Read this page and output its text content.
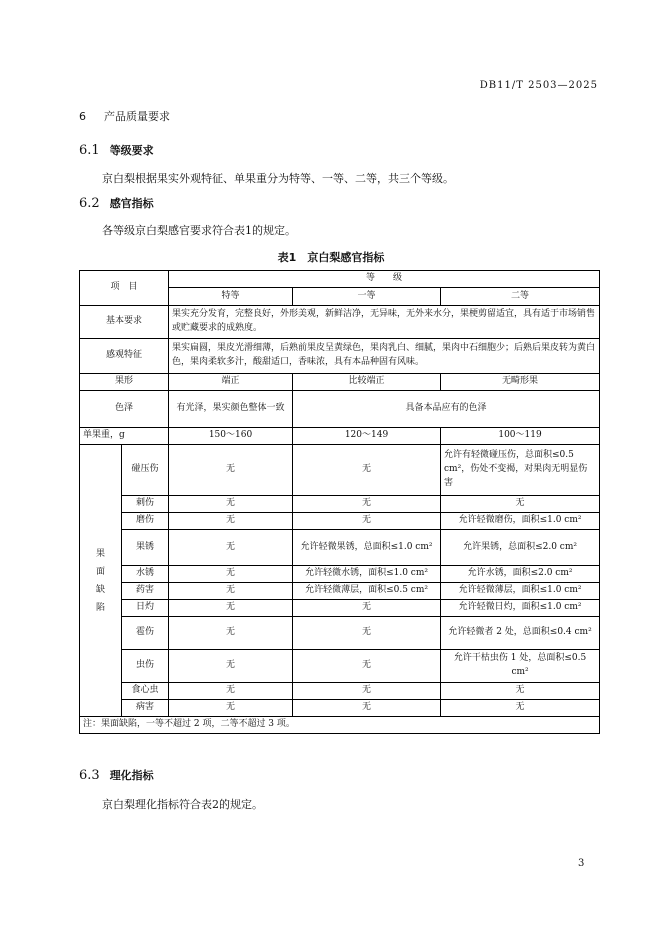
DB11/T 2503—2025
6 产品质量要求
6.1 等级要求
京白梨根据果实外观特征、单果重分为特等、一等、二等，共三个等级。
6.2 感官指标
各等级京白梨感官要求符合表1的规定。
表1　京白梨感官指标
项　目		等　　级		
		特等	一等	二等
基本要求		果实充分发育，完整良好，外形美观，新鲜洁净，无异味，无外来水分，果梗剪留适宜，具有适于市场销售或贮藏要求的成熟度。		
感观特征		果实扁圆，果皮光滑细薄，后熟前果皮呈黄绿色，果肉乳白、细腻，果肉中石细胞少；后熟后果皮转为黄白色，果肉柔软多汁，酸甜适口，香味浓，具有本品种固有风味。		
果形		端正	比较端正	无畸形果
色泽		有光泽，果实颜色整体一致	具备本品应有的色泽	
单果重，g		150～160	120～149	100～119
果面缺陷	碰压伤	无	无	允许有轻微碰压伤，总面积≤0.5 cm²，伤处不变褐，对果肉无明显伤害
	刺伤	无	无	无
	磨伤	无	无	允许轻微磨伤，面积≤1.0 cm²
	果锈	无	允许轻微果锈，总面积≤1.0 cm²	允许果锈，总面积≤2.0 cm²
	水锈	无	允许轻微水锈，面积≤1.0 cm²	允许水锈，面积≤2.0 cm²
	药害	无	允许轻微薄层，面积≤0.5 cm²	允许轻微薄层，面积≤1.0 cm²
	日灼	无	无	允许轻微日灼，面积≤1.0 cm²
	雹伤	无	无	允许轻微者 2 处，总面积≤0.4 cm²
	虫伤	无	无	允许干枯虫伤 1 处，总面积≤0.5 cm²
	食心虫	无	无	无
	病害	无	无	无
注：果面缺陷，一等不超过 2 项，二等不超过 3 项。				
6.3 理化指标
京白梨理化指标符合表2的规定。
3
